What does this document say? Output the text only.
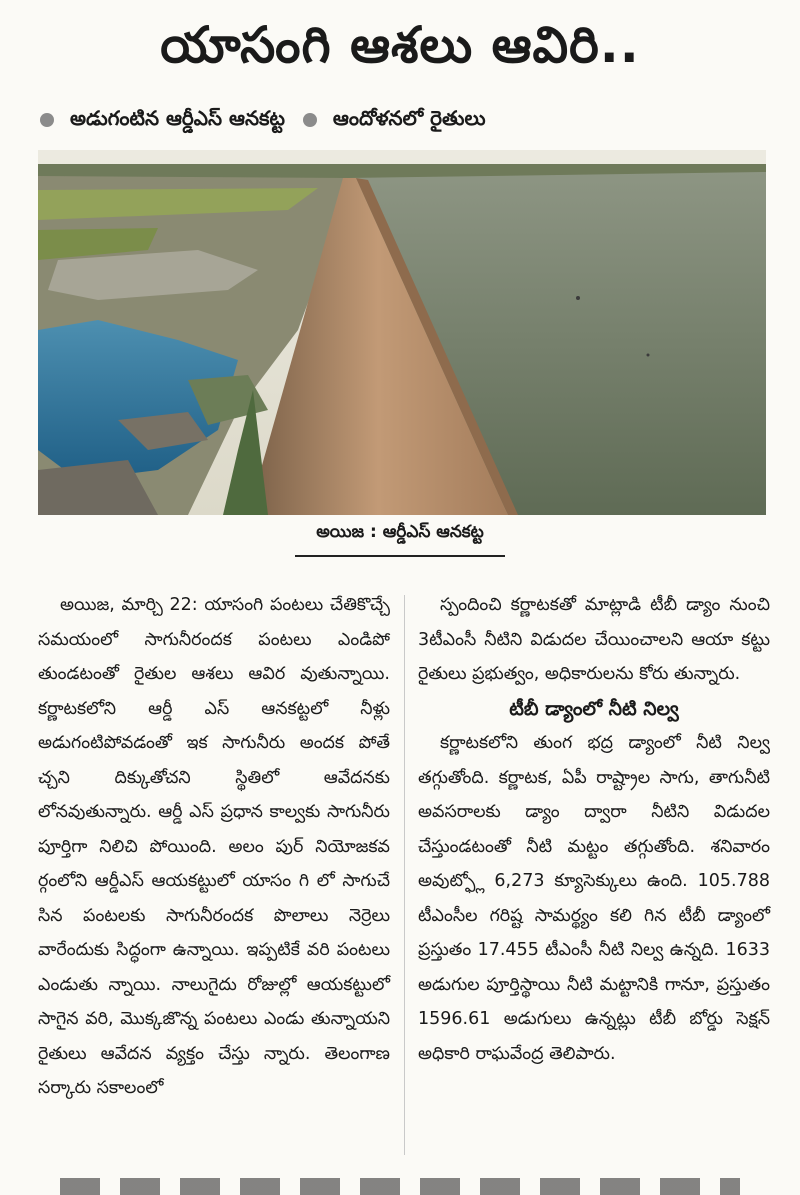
యాసంగి ఆశలు ఆవిరి..
అడుగంటిన ఆర్డీఎస్ ఆనకట్ట ఆందోళనలో రైతులు
అయిజ : ఆర్డీఎస్ ఆనకట్ట

అయిజ, మార్చి 22: యాసంగి పంటలు చేతికొచ్చే సమయంలో సాగునీరందక పంటలు ఎండిపో తుండటంతో రైతుల ఆశలు ఆవిర వుతున్నాయి. కర్ణాటకలోని ఆర్డీ ఎస్ ఆనకట్టలో నీళ్లు అడుగంటిపోవడంతో ఇక సాగునీరు అందక పోతే చ్చని దిక్కుతోచని స్థితిలో ఆవేదనకు లోనవుతున్నారు. ఆర్డీ ఎస్ ప్రధాన కాల్వకు సాగునీరు పూర్తిగా నిలిచి పోయింది. అలం పుర్ నియోజకవ ర్గంలోని ఆర్డీఎస్ ఆయకట్టులో యాసం గి లో సాగుచే సిన పంటలకు సాగునీరందక పొలాలు నెర్రెలు వారేందుకు సిద్ధంగా ఉన్నాయి. ఇప్పటికే వరి పంటలు ఎండుతు న్నాయి. నాలుగైదు రోజుల్లో ఆయకట్టులో సాగైన వరి, మొక్కజొన్న పంటలు ఎండు తున్నాయని రైతులు ఆవేదన వ్యక్తం చేస్తు న్నారు. తెలంగాణ సర్కారు సకాలంలో

స్పందించి కర్ణాటకతో మాట్లాడి టీబీ డ్యాం నుంచి 3టీఎంసీ నీటిని విడుదల చేయించాలని ఆయా కట్టు రైతులు ప్రభుత్వం, అధికారులను కోరు తున్నారు.

టీబీ డ్యాంలో నీటి నిల్వ

కర్ణాటకలోని తుంగ భద్ర డ్యాంలో నీటి నిల్వ తగ్గుతోంది. కర్ణాటక, ఏపీ రాష్ట్రాల సాగు, తాగునీటి అవసరాలకు డ్యాం ద్వారా నీటిని విడుదల చేస్తుండటంతో నీటి మట్టం తగ్గుతోంది. శనివారం అవుట్ఫ్లో 6,273 క్యూసెక్కులు ఉంది. 105.788 టీఎంసీల గరిష్ట సామర్థ్యం కలి గిన టీబీ డ్యాంలో ప్రస్తుతం 17.455 టీఎంసీ నీటి నిల్వ ఉన్నది. 1633 అడుగుల పూర్తిస్థాయి నీటి మట్టానికి గానూ, ప్రస్తుతం 1596.61 అడుగులు ఉన్నట్లు టీబీ బోర్డు సెక్షన్ అధికారి రాఘవేంద్ర తెలిపారు.
